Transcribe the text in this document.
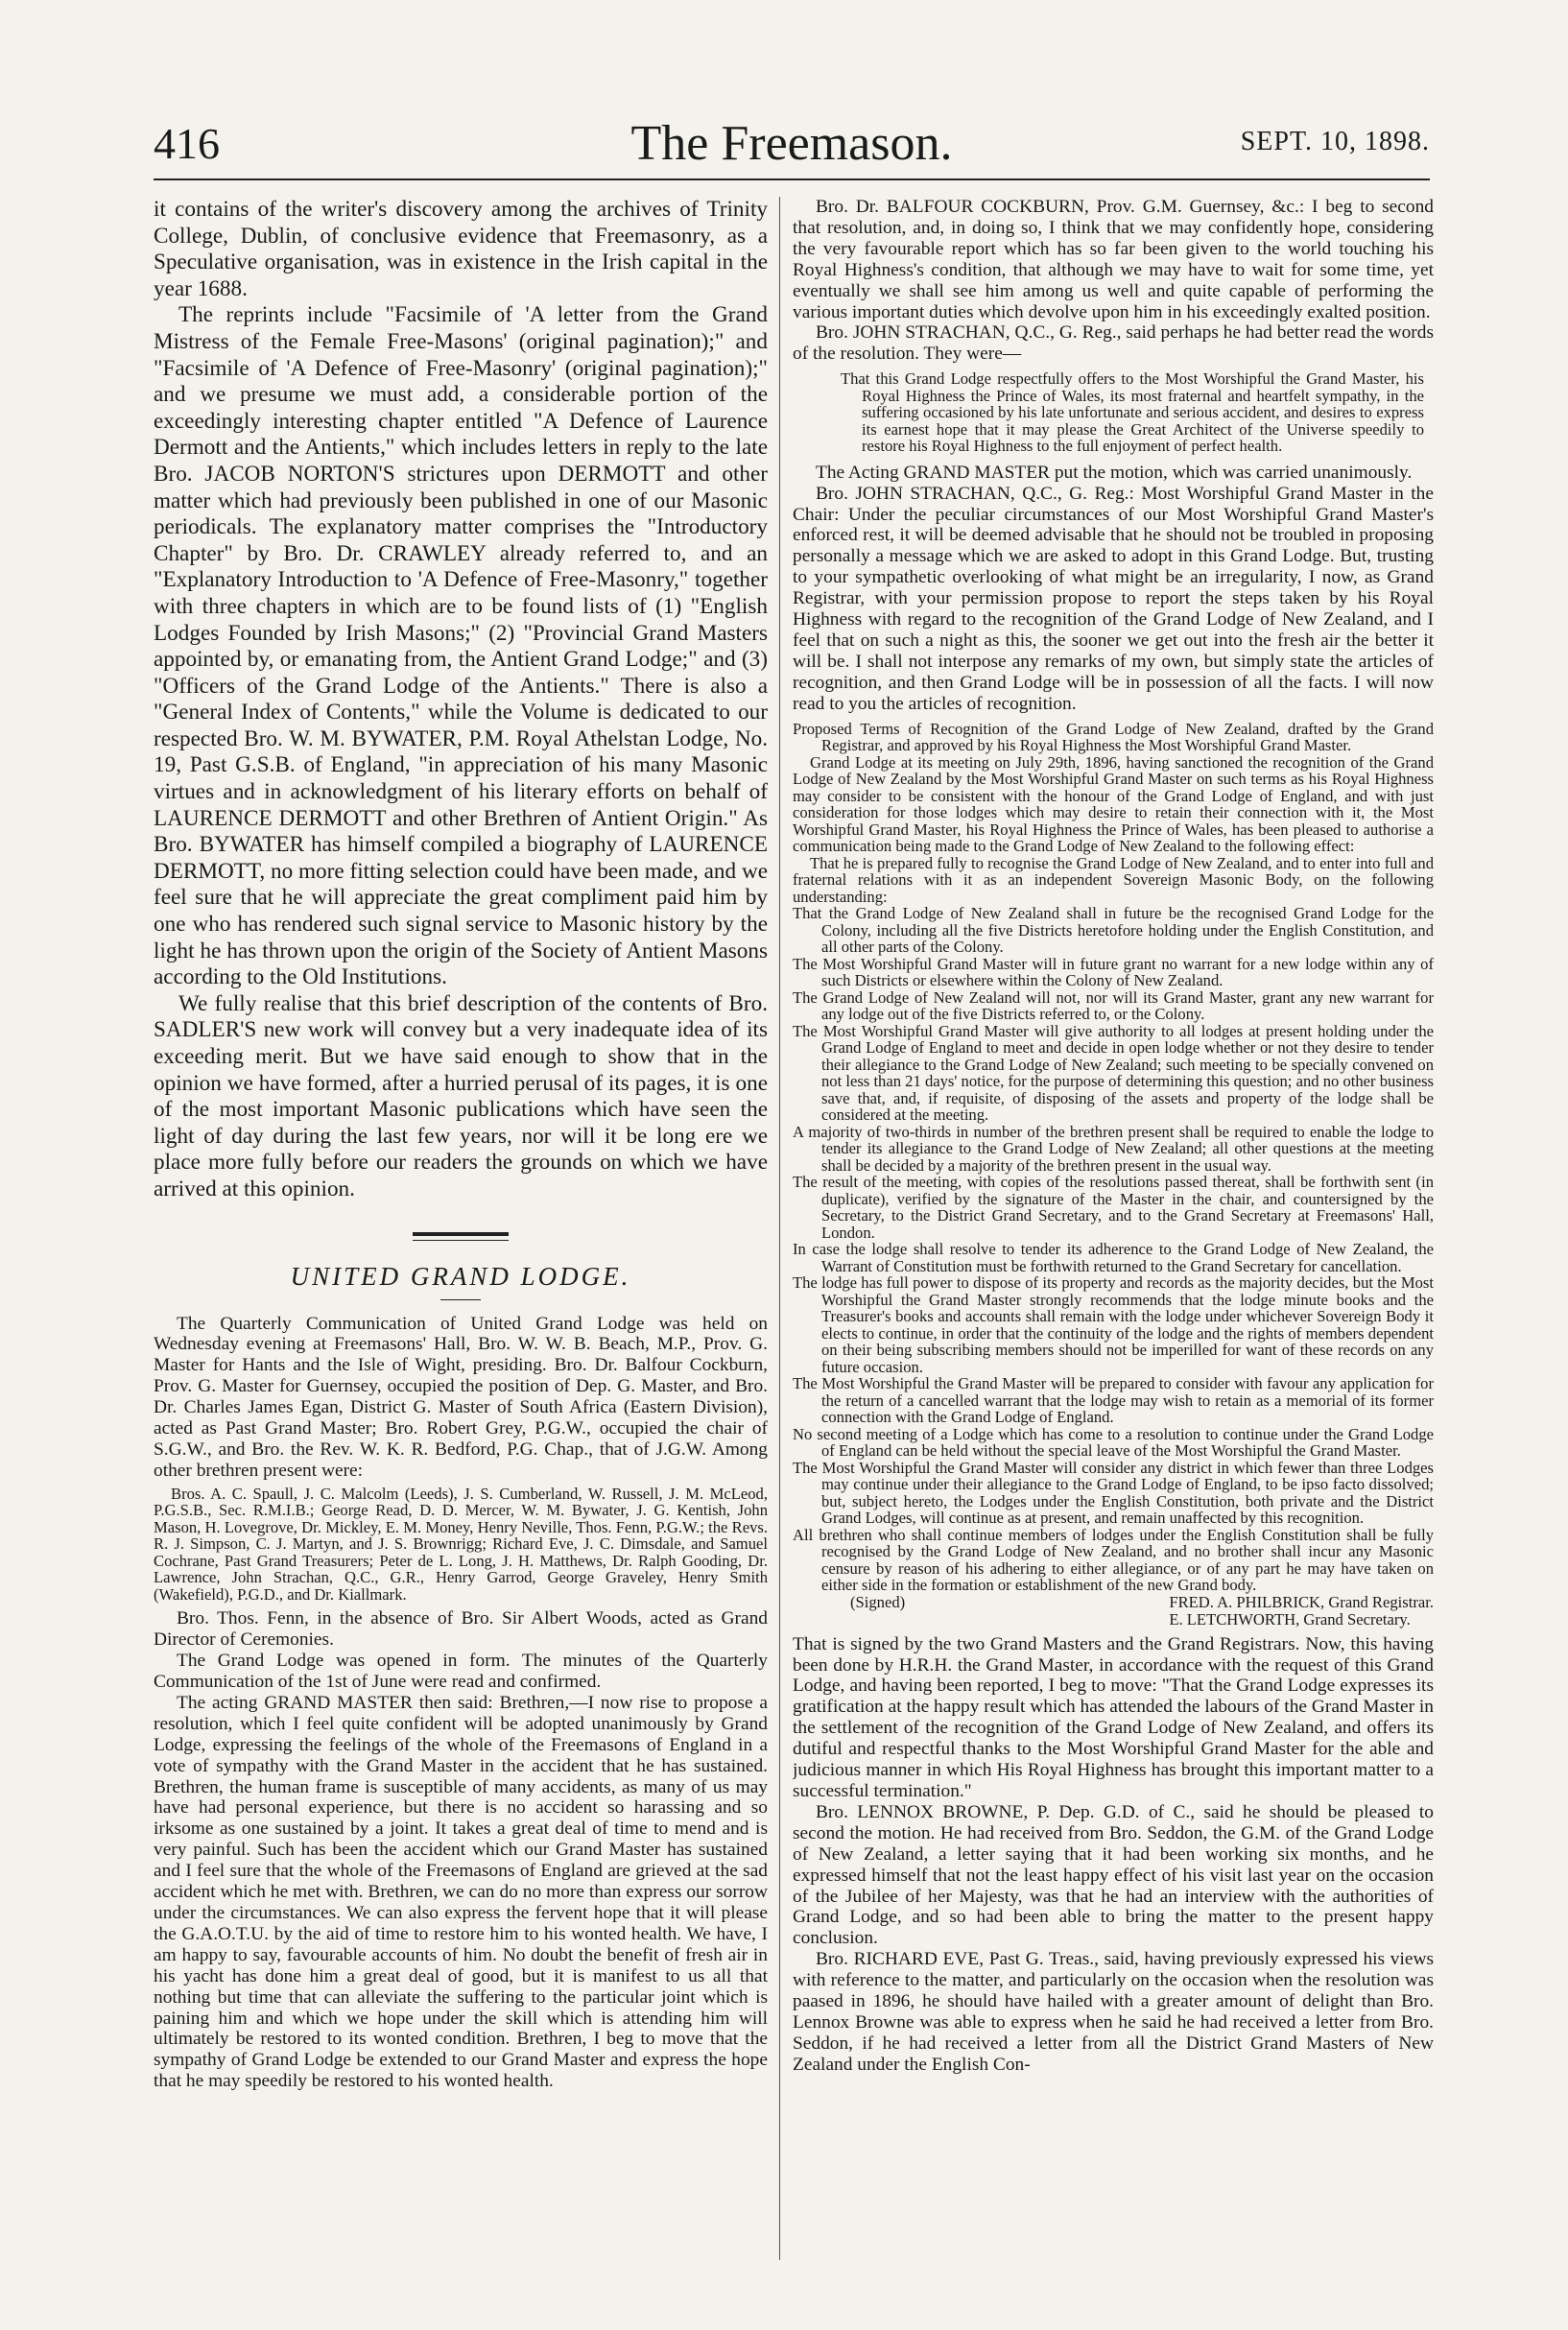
416	The Freemason.	SEPT. 10, 1898.

it contains of the writer's discovery among the archives of Trinity College, Dublin, of conclusive evidence that Freemasonry, as a Speculative organisation, was in existence in the Irish capital in the year 1688.

The reprints include "Facsimile of 'A letter from the Grand Mistress of the Female Free-Masons' (original pagination);" and "Facsimile of 'A Defence of Free-Masonry' (original pagination);" and we presume we must add, a considerable portion of the exceedingly interesting chapter entitled "A Defence of Laurence Dermott and the Antients," which includes letters in reply to the late Bro. JACOB NORTON'S strictures upon DERMOTT and other matter which had previously been published in one of our Masonic periodicals. The explanatory matter comprises the "Introductory Chapter" by Bro. Dr. CRAWLEY already referred to, and an "Explanatory Introduction to 'A Defence of Free-Masonry," together with three chapters in which are to be found lists of (1) "English Lodges Founded by Irish Masons;" (2) "Provincial Grand Masters appointed by, or emanating from, the Antient Grand Lodge;" and (3) "Officers of the Grand Lodge of the Antients." There is also a "General Index of Contents," while the Volume is dedicated to our respected Bro. W. M. BYWATER, P.M. Royal Athelstan Lodge, No. 19, Past G.S.B. of England, "in appreciation of his many Masonic virtues and in acknowledgment of his literary efforts on behalf of LAURENCE DERMOTT and other Brethren of Antient Origin." As Bro. BYWATER has himself compiled a biography of LAURENCE DERMOTT, no more fitting selection could have been made, and we feel sure that he will appreciate the great compliment paid him by one who has rendered such signal service to Masonic history by the light he has thrown upon the origin of the Society of Antient Masons according to the Old Institutions.

We fully realise that this brief description of the contents of Bro. SADLER'S new work will convey but a very inadequate idea of its exceeding merit. But we have said enough to show that in the opinion we have formed, after a hurried perusal of its pages, it is one of the most important Masonic publications which have seen the light of day during the last few years, nor will it be long ere we place more fully before our readers the grounds on which we have arrived at this opinion.

UNITED GRAND LODGE.

The Quarterly Communication of United Grand Lodge was held on Wednesday evening at Freemasons' Hall, Bro. W. W. B. Beach, M.P., Prov. G. Master for Hants and the Isle of Wight, presiding. Bro. Dr. Balfour Cockburn, Prov. G. Master for Guernsey, occupied the position of Dep. G. Master, and Bro. Dr. Charles James Egan, District G. Master of South Africa (Eastern Division), acted as Past Grand Master; Bro. Robert Grey, P.G.W., occupied the chair of S.G.W., and Bro. the Rev. W. K. R. Bedford, P.G. Chap., that of J.G.W. Among other brethren present were:

Bros. A. C. Spaull, J. C. Malcolm (Leeds), J. S. Cumberland, W. Russell, J. M. McLeod, P.G.S.B., Sec. R.M.I.B.; George Read, D. D. Mercer, W. M. Bywater, J. G. Kentish, John Mason, H. Lovegrove, Dr. Mickley, E. M. Money, Henry Neville, Thos. Fenn, P.G.W.; the Revs. R. J. Simpson, C. J. Martyn, and J. S. Brownrigg; Richard Eve, J. C. Dimsdale, and Samuel Cochrane, Past Grand Treasurers; Peter de L. Long, J. H. Matthews, Dr. Ralph Gooding, Dr. Lawrence, John Strachan, Q.C., G.R., Henry Garrod, George Graveley, Henry Smith (Wakefield), P.G.D., and Dr. Kiallmark.

Bro. Thos. Fenn, in the absence of Bro. Sir Albert Woods, acted as Grand Director of Ceremonies.

The Grand Lodge was opened in form. The minutes of the Quarterly Communication of the 1st of June were read and confirmed.

The acting GRAND MASTER then said: Brethren,—I now rise to propose a resolution, which I feel quite confident will be adopted unanimously by Grand Lodge, expressing the feelings of the whole of the Freemasons of England in a vote of sympathy with the Grand Master in the accident that he has sustained. Brethren, the human frame is susceptible of many accidents, as many of us may have had personal experience, but there is no accident so harassing and so irksome as one sustained by a joint. It takes a great deal of time to mend and is very painful. Such has been the accident which our Grand Master has sustained and I feel sure that the whole of the Freemasons of England are grieved at the sad accident which he met with. Brethren, we can do no more than express our sorrow under the circumstances. We can also express the fervent hope that it will please the G.A.O.T.U. by the aid of time to restore him to his wonted health. We have, I am happy to say, favourable accounts of him. No doubt the benefit of fresh air in his yacht has done him a great deal of good, but it is manifest to us all that nothing but time that can alleviate the suffering to the particular joint which is paining him and which we hope under the skill which is attending him will ultimately be restored to its wonted condition. Brethren, I beg to move that the sympathy of Grand Lodge be extended to our Grand Master and express the hope that he may speedily be restored to his wonted health.

Bro. Dr. BALFOUR COCKBURN, Prov. G.M. Guernsey, &c.: I beg to second that resolution, and, in doing so, I think that we may confidently hope, considering the very favourable report which has so far been given to the world touching his Royal Highness's condition, that although we may have to wait for some time, yet eventually we shall see him among us well and quite capable of performing the various important duties which devolve upon him in his exceedingly exalted position.

Bro. JOHN STRACHAN, Q.C., G. Reg., said perhaps he had better read the words of the resolution. They were—

That this Grand Lodge respectfully offers to the Most Worshipful the Grand Master, his Royal Highness the Prince of Wales, its most fraternal and heartfelt sympathy, in the suffering occasioned by his late unfortunate and serious accident, and desires to express its earnest hope that it may please the Great Architect of the Universe speedily to restore his Royal Highness to the full enjoyment of perfect health.

The Acting GRAND MASTER put the motion, which was carried unanimously.

Bro. JOHN STRACHAN, Q.C., G. Reg.: Most Worshipful Grand Master in the Chair: Under the peculiar circumstances of our Most Worshipful Grand Master's enforced rest, it will be deemed advisable that he should not be troubled in proposing personally a message which we are asked to adopt in this Grand Lodge. But, trusting to your sympathetic overlooking of what might be an irregularity, I now, as Grand Registrar, with your permission propose to report the steps taken by his Royal Highness with regard to the recognition of the Grand Lodge of New Zealand, and I feel that on such a night as this, the sooner we get out into the fresh air the better it will be. I shall not interpose any remarks of my own, but simply state the articles of recognition, and then Grand Lodge will be in possession of all the facts. I will now read to you the articles of recognition.

Proposed Terms of Recognition of the Grand Lodge of New Zealand, drafted by the Grand Registrar, and approved by his Royal Highness the Most Worshipful Grand Master.

Grand Lodge at its meeting on July 29th, 1896, having sanctioned the recognition of the Grand Lodge of New Zealand by the Most Worshipful Grand Master on such terms as his Royal Highness may consider to be consistent with the honour of the Grand Lodge of England, and with just consideration for those lodges which may desire to retain their connection with it, the Most Worshipful Grand Master, his Royal Highness the Prince of Wales, has been pleased to authorise a communication being made to the Grand Lodge of New Zealand to the following effect:

That he is prepared fully to recognise the Grand Lodge of New Zealand, and to enter into full and fraternal relations with it as an independent Sovereign Masonic Body, on the following understanding:

That the Grand Lodge of New Zealand shall in future be the recognised Grand Lodge for the Colony, including all the five Districts heretofore holding under the English Constitution, and all other parts of the Colony.

The Most Worshipful Grand Master will in future grant no warrant for a new lodge within any of such Districts or elsewhere within the Colony of New Zealand.

The Grand Lodge of New Zealand will not, nor will its Grand Master, grant any new warrant for any lodge out of the five Districts referred to, or the Colony.

The Most Worshipful Grand Master will give authority to all lodges at present holding under the Grand Lodge of England to meet and decide in open lodge whether or not they desire to tender their allegiance to the Grand Lodge of New Zealand; such meeting to be specially convened on not less than 21 days' notice, for the purpose of determining this question; and no other business save that, and, if requisite, of disposing of the assets and property of the lodge shall be considered at the meeting.

A majority of two-thirds in number of the brethren present shall be required to enable the lodge to tender its allegiance to the Grand Lodge of New Zealand; all other questions at the meeting shall be decided by a majority of the brethren present in the usual way.

The result of the meeting, with copies of the resolutions passed thereat, shall be forthwith sent (in duplicate), verified by the signature of the Master in the chair, and countersigned by the Secretary, to the District Grand Secretary, and to the Grand Secretary at Freemasons' Hall, London.

In case the lodge shall resolve to tender its adherence to the Grand Lodge of New Zealand, the Warrant of Constitution must be forthwith returned to the Grand Secretary for cancellation.

The lodge has full power to dispose of its property and records as the majority decides, but the Most Worshipful the Grand Master strongly recommends that the lodge minute books and the Treasurer's books and accounts shall remain with the lodge under whichever Sovereign Body it elects to continue, in order that the continuity of the lodge and the rights of members dependent on their being subscribing members should not be imperilled for want of these records on any future occasion.

The Most Worshipful the Grand Master will be prepared to consider with favour any application for the return of a cancelled warrant that the lodge may wish to retain as a memorial of its former connection with the Grand Lodge of England.

No second meeting of a Lodge which has come to a resolution to continue under the Grand Lodge of England can be held without the special leave of the Most Worshipful the Grand Master.

The Most Worshipful the Grand Master will consider any district in which fewer than three Lodges may continue under their allegiance to the Grand Lodge of England, to be ipso facto dissolved; but, subject hereto, the Lodges under the English Constitution, both private and the District Grand Lodges, will continue as at present, and remain unaffected by this recognition.

All brethren who shall continue members of lodges under the English Constitution shall be fully recognised by the Grand Lodge of New Zealand, and no brother shall incur any Masonic censure by reason of his adhering to either allegiance, or of any part he may have taken on either side in the formation or establishment of the new Grand body.

(Signed)	FRED. A. PHILBRICK, Grand Registrar.
E. LETCHWORTH, Grand Secretary.

That is signed by the two Grand Masters and the Grand Registrars. Now, this having been done by H.R.H. the Grand Master, in accordance with the request of this Grand Lodge, and having been reported, I beg to move: "That the Grand Lodge expresses its gratification at the happy result which has attended the labours of the Grand Master in the settlement of the recognition of the Grand Lodge of New Zealand, and offers its dutiful and respectful thanks to the Most Worshipful Grand Master for the able and judicious manner in which His Royal Highness has brought this important matter to a successful termination."

Bro. LENNOX BROWNE, P. Dep. G.D. of C., said he should be pleased to second the motion. He had received from Bro. Seddon, the G.M. of the Grand Lodge of New Zealand, a letter saying that it had been working six months, and he expressed himself that not the least happy effect of his visit last year on the occasion of the Jubilee of her Majesty, was that he had an interview with the authorities of Grand Lodge, and so had been able to bring the matter to the present happy conclusion.

Bro. RICHARD EVE, Past G. Treas., said, having previously expressed his views with reference to the matter, and particularly on the occasion when the resolution was paased in 1896, he should have hailed with a greater amount of delight than Bro. Lennox Browne was able to express when he said he had received a letter from Bro. Seddon, if he had received a letter from all the District Grand Masters of New Zealand under the English Con-
